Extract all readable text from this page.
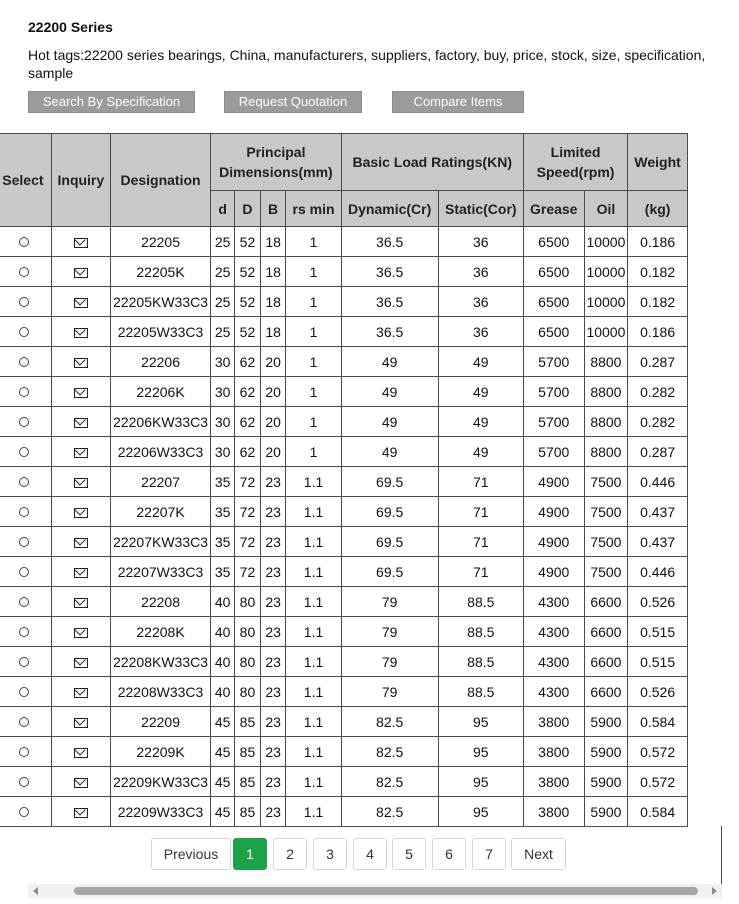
22200 Series
Hot tags:22200 series bearings, China, manufacturers, suppliers, factory, buy, price, stock, size, specification, sample
Search By Specification	Request Quotation	Compare Items
Select	Inquiry	Designation	Principal Dimensions(mm)				Basic Load Ratings(KN)		Limited Speed(rpm)		Weight
			d	D	B	rs min	Dynamic(Cr)	Static(Cor)	Grease	Oil	(kg)
		22205	25	52	18	1	36.5	36	6500	10000	0.186
		22205K	25	52	18	1	36.5	36	6500	10000	0.182
		22205KW33C3	25	52	18	1	36.5	36	6500	10000	0.182
		22205W33C3	25	52	18	1	36.5	36	6500	10000	0.186
		22206	30	62	20	1	49	49	5700	8800	0.287
		22206K	30	62	20	1	49	49	5700	8800	0.282
		22206KW33C3	30	62	20	1	49	49	5700	8800	0.282
		22206W33C3	30	62	20	1	49	49	5700	8800	0.287
		22207	35	72	23	1.1	69.5	71	4900	7500	0.446
		22207K	35	72	23	1.1	69.5	71	4900	7500	0.437
		22207KW33C3	35	72	23	1.1	69.5	71	4900	7500	0.437
		22207W33C3	35	72	23	1.1	69.5	71	4900	7500	0.446
		22208	40	80	23	1.1	79	88.5	4300	6600	0.526
		22208K	40	80	23	1.1	79	88.5	4300	6600	0.515
		22208KW33C3	40	80	23	1.1	79	88.5	4300	6600	0.515
		22208W33C3	40	80	23	1.1	79	88.5	4300	6600	0.526
		22209	45	85	23	1.1	82.5	95	3800	5900	0.584
		22209K	45	85	23	1.1	82.5	95	3800	5900	0.572
		22209KW33C3	45	85	23	1.1	82.5	95	3800	5900	0.572
		22209W33C3	45	85	23	1.1	82.5	95	3800	5900	0.584
Previous	1	2	3	4	5	6	7	Next
